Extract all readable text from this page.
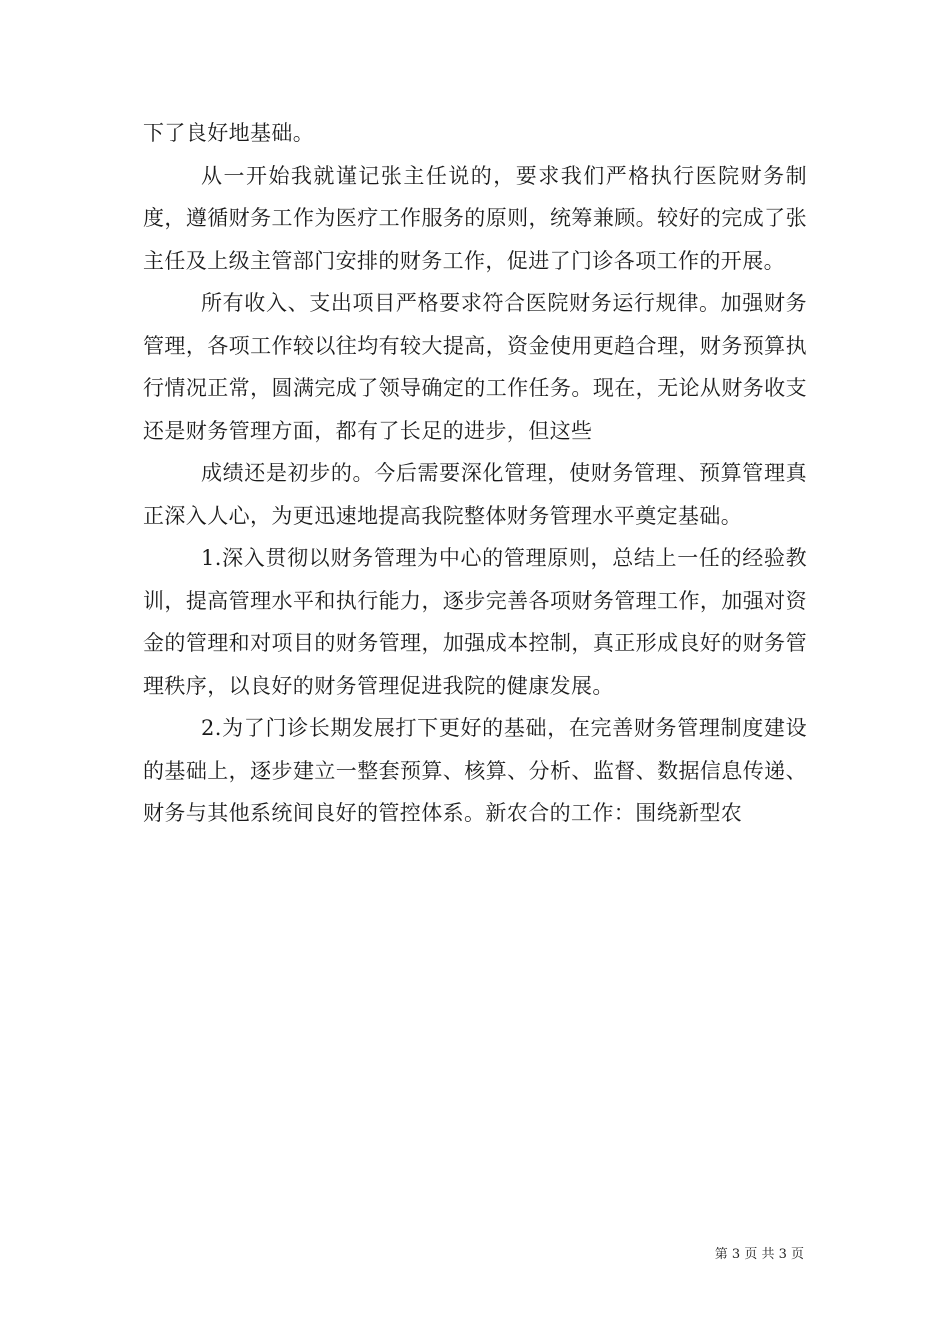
下了良好地基础。

从一开始我就谨记张主任说的，要求我们严格执行医院财务制度，遵循财务工作为医疗工作服务的原则，统筹兼顾。较好的完成了张主任及上级主管部门安排的财务工作，促进了门诊各项工作的开展。

所有收入、支出项目严格要求符合医院财务运行规律。加强财务管理，各项工作较以往均有较大提高，资金使用更趋合理，财务预算执行情况正常，圆满完成了领导确定的工作任务。现在，无论从财务收支还是财务管理方面，都有了长足的进步，但这些

成绩还是初步的。今后需要深化管理，使财务管理、预算管理真正深入人心，为更迅速地提高我院整体财务管理水平奠定基础。

1.深入贯彻以财务管理为中心的管理原则，总结上一任的经验教训，提高管理水平和执行能力，逐步完善各项财务管理工作，加强对资金的管理和对项目的财务管理，加强成本控制，真正形成良好的财务管理秩序，以良好的财务管理促进我院的健康发展。

2.为了门诊长期发展打下更好的基础，在完善财务管理制度建设的基础上，逐步建立一整套预算、核算、分析、监督、数据信息传递、财务与其他系统间良好的管控体系。新农合的工作：围绕新型农

第 3 页 共 3 页
